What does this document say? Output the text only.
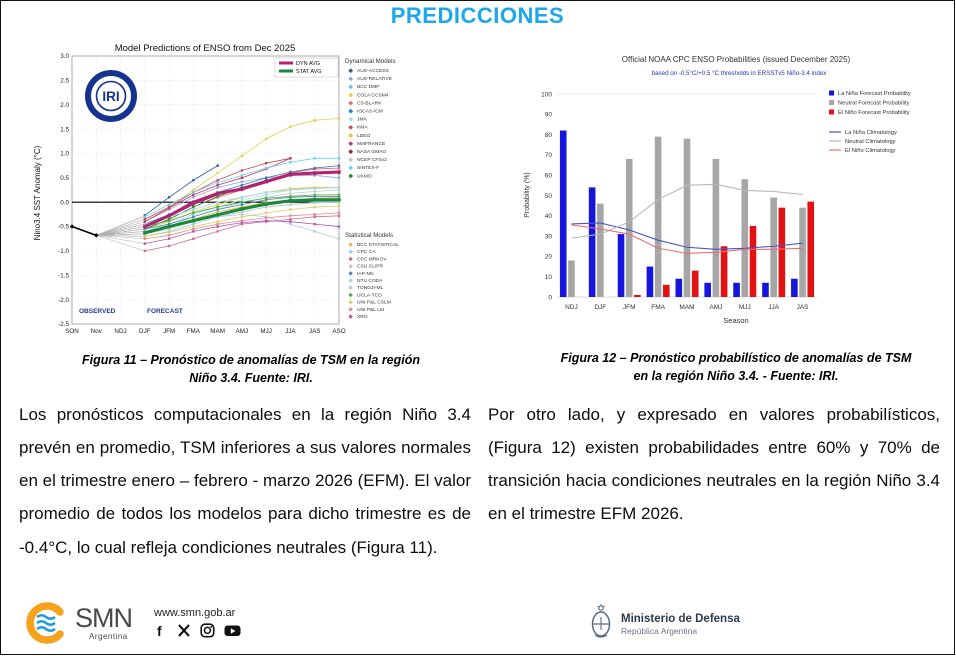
PREDICCIONES
Model Predictions of ENSO from Dec 2025
Nino3.4 SST Anomaly (°C)
3.0
2.5
2.0
1.5
1.0
0.5
0.0
-0.5
-1.0
-1.5
-2.0
-2.5
SON Nov NDJ DJF JFM FMA MAM AMJ MJJ JJA JAS ASO
IRI
DYN AVG
STAT AVG
OBSERVED	FORECAST
Dynamical Models
AUS-ACCESS
AUS-RELATIVE
BCC DMP
COLA CCSM4
CS-BLARK
IOCAS-ICM
JMA
KMA
LDEO
MetFRANCE
NASA GMAO
NCEP CFSv2
SINTEX-F
UKMO
Statistical Models
BCC STATISTICAL
CPC CA
CPC MRKOV
CSU CLIPR
IAP-NN
NTU CODA
TONGJI-ML
UCLA-TCD
UNI P&L CSLM
UNI P&L LM
XRO
Figura 11 – Pronóstico de anomalías de TSM en la región
Niño 3.4. Fuente: IRI.
Official NOAA CPC ENSO Probabilities (issued December 2025)
based on -0.5°C/+0.5 °C thresholds in ERSSTv5 Niño-3.4 index
Probability (%)
0
10
20
30
40
50
60
70
80
90
100
NDJ	DJF	JFM FMA MAM AMJ	MJJ	JJA	JAS
Season
La Niña Forecast Probability
Neutral Forecast Probability
El Niño Forecast Probability
La Niña Climatology
Neutral Climatology
El Niño Climatology
Figura 12 – Pronóstico probabilístico de anomalías de TSM
en la región Niño 3.4. - Fuente: IRI.

Los pronósticos computacionales en la región Niño 3.4 prevén en promedio, TSM inferiores a sus valores normales en el trimestre enero – febrero - marzo 2026 (EFM). El valor promedio de todos los modelos para dicho trimestre es de -0.4°C, lo cual refleja condiciones neutrales (Figura 11).

Por otro lado, y expresado en valores probabilísticos, (Figura 12) existen probabilidades entre 60% y 70% de transición hacia condiciones neutrales en la región Niño 3.4 en el trimestre EFM 2026.

SMN
Argentina
www.smn.gob.ar
f
Ministerio de Defensa
República Argentina
